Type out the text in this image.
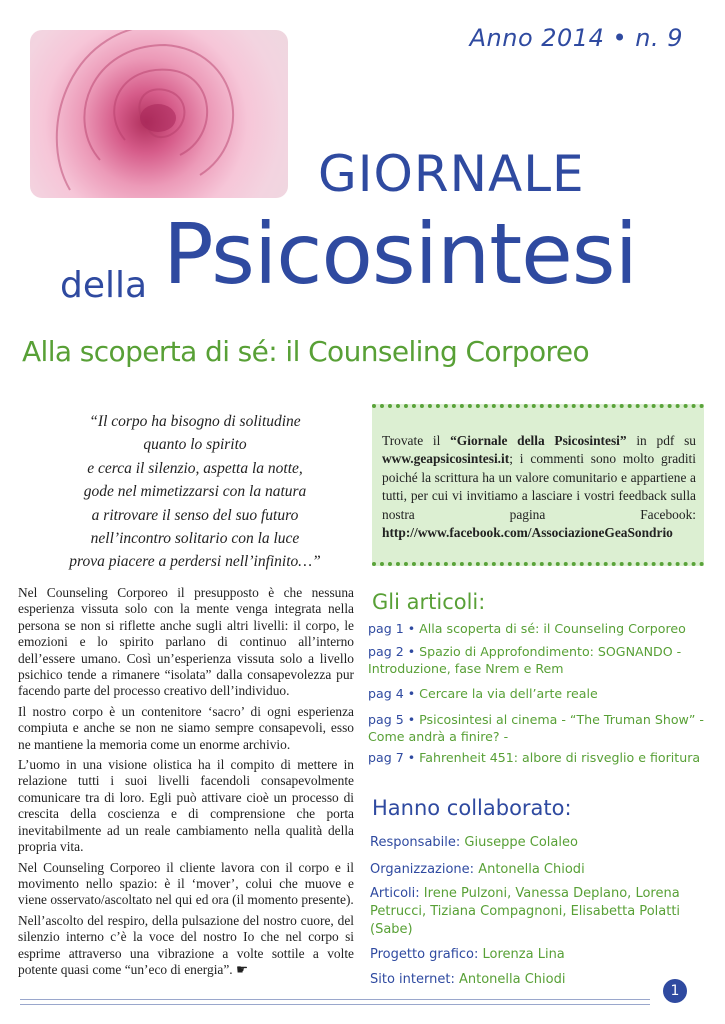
Anno 2014 • n. 9
GIORNALE
Psicosintesi
della
Alla scoperta di sé: il Counseling Corporeo
“Il corpo ha bisogno di solitudine
quanto lo spirito
e cerca il silenzio, aspetta la notte,
gode nel mimetizzarsi con la natura
a ritrovare il senso del suo futuro
nell’incontro solitario con la luce
prova piacere a perdersi nell’infinito…”
Trovate il “Giornale della Psicosintesi” in pdf su www.geapsicosintesi.it; i commenti sono molto graditi poiché la scrittura ha un valore comunitario e appartiene a tutti, per cui vi invitiamo a lasciare i vostri feedback sulla nostra pagina Facebook: http://www.facebook.com/AssociazioneGeaSondrio

Nel Counseling Corporeo il presupposto è che nessuna esperienza vissuta solo con la mente venga integrata nella persona se non si riflette anche sugli altri livelli: il corpo, le emozioni e lo spirito parlano di continuo all’interno dell’essere umano. Così un’esperienza vissuta solo a livello psichico tende a rimanere “isolata” dalla consapevolezza pur facendo parte del processo creativo dell’individuo.

Il nostro corpo è un contenitore ‘sacro’ di ogni esperienza compiuta e anche se non ne siamo sempre consapevoli, esso ne mantiene la memoria come un enorme archivio.

L’uomo in una visione olistica ha il compito di mettere in relazione tutti i suoi livelli facendoli consapevolmente comunicare tra di loro. Egli può attivare cioè un processo di crescita della coscienza e di comprensione che porta inevitabilmente ad un reale cambiamento nella qualità della propria vita.

Nel Counseling Corporeo il cliente lavora con il corpo e il movimento nello spazio: è il ‘mover’, colui che muove e viene osservato/ascoltato nel qui ed ora (il momento presente).

Nell’ascolto del respiro, della pulsazione del nostro cuore, del silenzio interno c’è la voce del nostro Io che nel corpo si esprime attraverso una vibrazione a volte sottile a volte potente quasi come “un’eco di energia”. ☛

Gli articoli:
pag 1 • Alla scoperta di sé: il Counseling Corporeo
pag 2 • Spazio di Approfondimento: SOGNANDO - Introduzione, fase Nrem e Rem
pag 4 • Cercare la via dell’arte reale
pag 5 • Psicosintesi al cinema - “The Truman Show” - Come andrà a finire? -
pag 7 • Fahrenheit 451: albore di risveglio e fioritura
Hanno collaborato:
Responsabile: Giuseppe Colaleo
Organizzazione: Antonella Chiodi
Articoli: Irene Pulzoni, Vanessa Deplano, Lorena Petrucci, Tiziana Compagnoni, Elisabetta Polatti (Sabe)
Progetto grafico: Lorenza Lina
Sito internet: Antonella Chiodi
1
